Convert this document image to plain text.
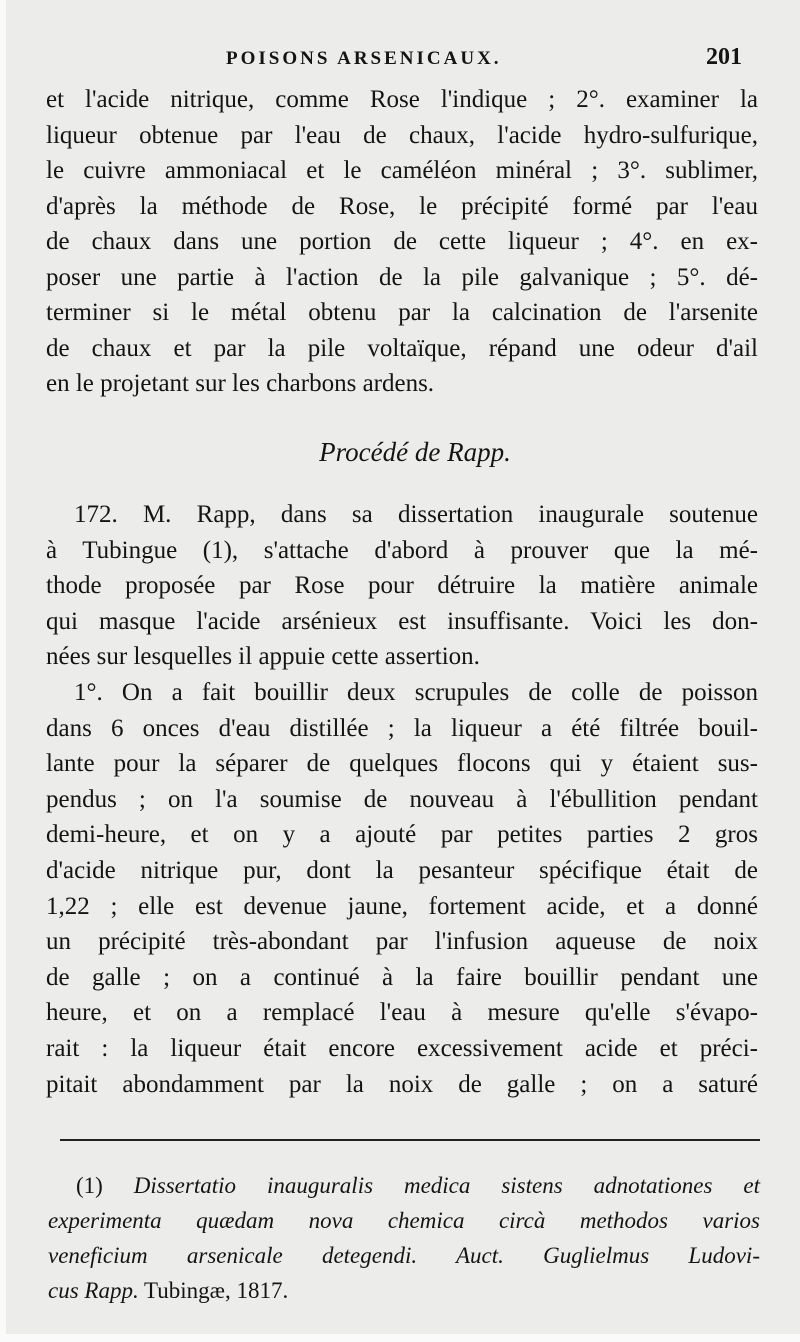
POISONS ARSENICAUX.	201
et l'acide nitrique, comme Rose l'indique ; 2°. examiner la
liqueur obtenue par l'eau de chaux, l'acide hydro-sulfurique,
le cuivre ammoniacal et le caméléon minéral ; 3°. sublimer,
d'après la méthode de Rose, le précipité formé par l'eau
de chaux dans une portion de cette liqueur ; 4°. en ex-
poser une partie à l'action de la pile galvanique ; 5°. dé-
terminer si le métal obtenu par la calcination de l'arsenite
de chaux et par la pile voltaïque, répand une odeur d'ail
en le projetant sur les charbons ardens.
Procédé de Rapp.
172. M. Rapp, dans sa dissertation inaugurale soutenue
à Tubingue (1), s'attache d'abord à prouver que la mé-
thode proposée par Rose pour détruire la matière animale
qui masque l'acide arsénieux est insuffisante. Voici les don-
nées sur lesquelles il appuie cette assertion.
1°. On a fait bouillir deux scrupules de colle de poisson
dans 6 onces d'eau distillée ; la liqueur a été filtrée bouil-
lante pour la séparer de quelques flocons qui y étaient sus-
pendus ; on l'a soumise de nouveau à l'ébullition pendant
demi-heure, et on y a ajouté par petites parties 2 gros
d'acide nitrique pur, dont la pesanteur spécifique était de
1,22 ; elle est devenue jaune, fortement acide, et a donné
un précipité très-abondant par l'infusion aqueuse de noix
de galle ; on a continué à la faire bouillir pendant une
heure, et on a remplacé l'eau à mesure qu'elle s'évapo-
rait : la liqueur était encore excessivement acide et préci-
pitait abondamment par la noix de galle ; on a saturé
(1) Dissertatio inauguralis medica sistens adnotationes et
experimenta quædam nova chemica circà methodos varios
veneficium arsenicale detegendi. Auct. Guglielmus Ludovi-
cus Rapp. Tubingæ, 1817.
